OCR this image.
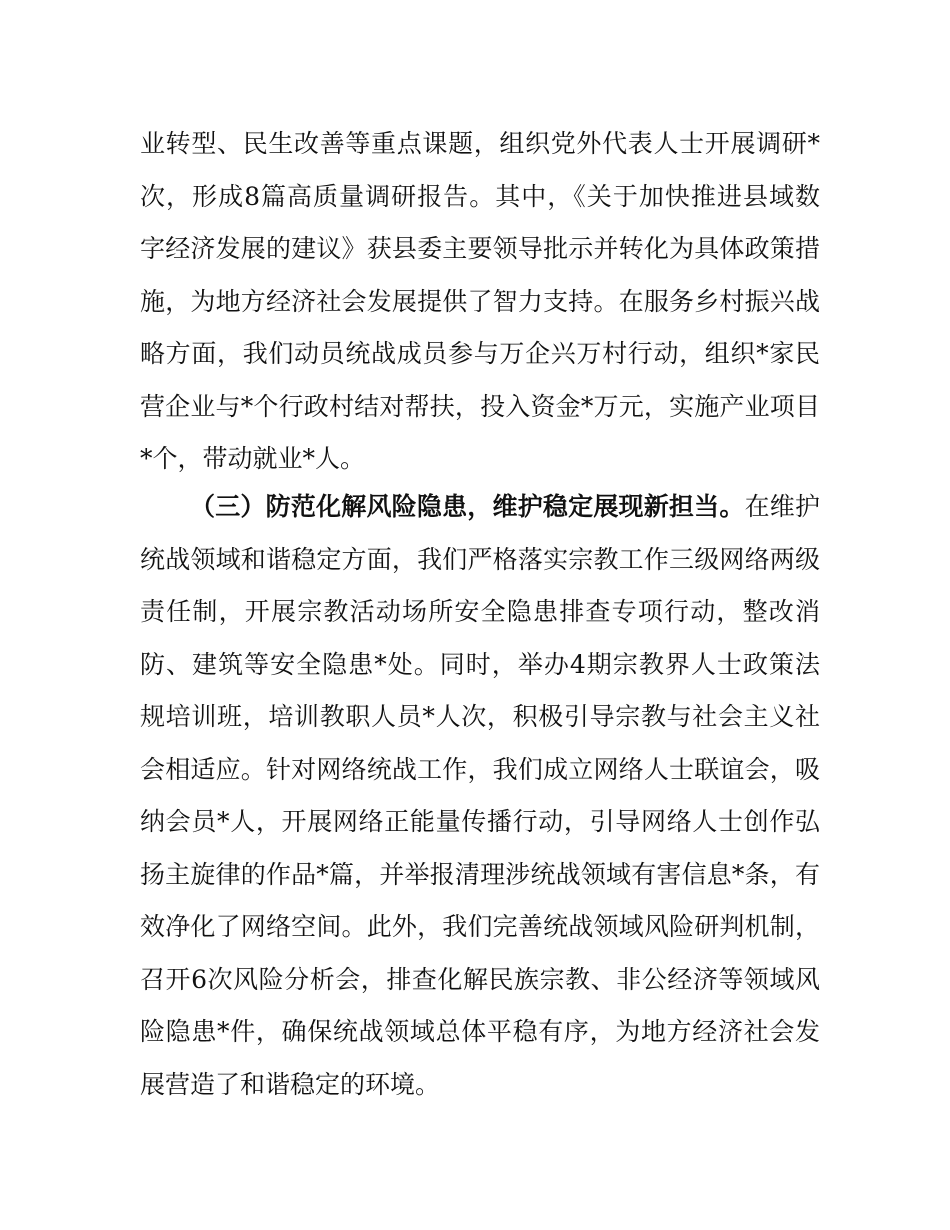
业转型、民生改善等重点课题，组织党外代表人士开展调研*
次，形成8篇高质量调研报告。其中，《关于加快推进县域数
字经济发展的建议》获县委主要领导批示并转化为具体政策措
施，为地方经济社会发展提供了智力支持。在服务乡村振兴战
略方面，我们动员统战成员参与万企兴万村行动，组织*家民
营企业与*个行政村结对帮扶，投入资金*万元，实施产业项目
*个，带动就业*人。
（三）防范化解风险隐患，维护稳定展现新担当。在维护
统战领域和谐稳定方面，我们严格落实宗教工作三级网络两级
责任制，开展宗教活动场所安全隐患排查专项行动，整改消
防、建筑等安全隐患*处。同时，举办4期宗教界人士政策法
规培训班，培训教职人员*人次，积极引导宗教与社会主义社
会相适应。针对网络统战工作，我们成立网络人士联谊会，吸
纳会员*人，开展网络正能量传播行动，引导网络人士创作弘
扬主旋律的作品*篇，并举报清理涉统战领域有害信息*条，有
效净化了网络空间。此外，我们完善统战领域风险研判机制，
召开6次风险分析会，排查化解民族宗教、非公经济等领域风
险隐患*件，确保统战领域总体平稳有序，为地方经济社会发
展营造了和谐稳定的环境。
